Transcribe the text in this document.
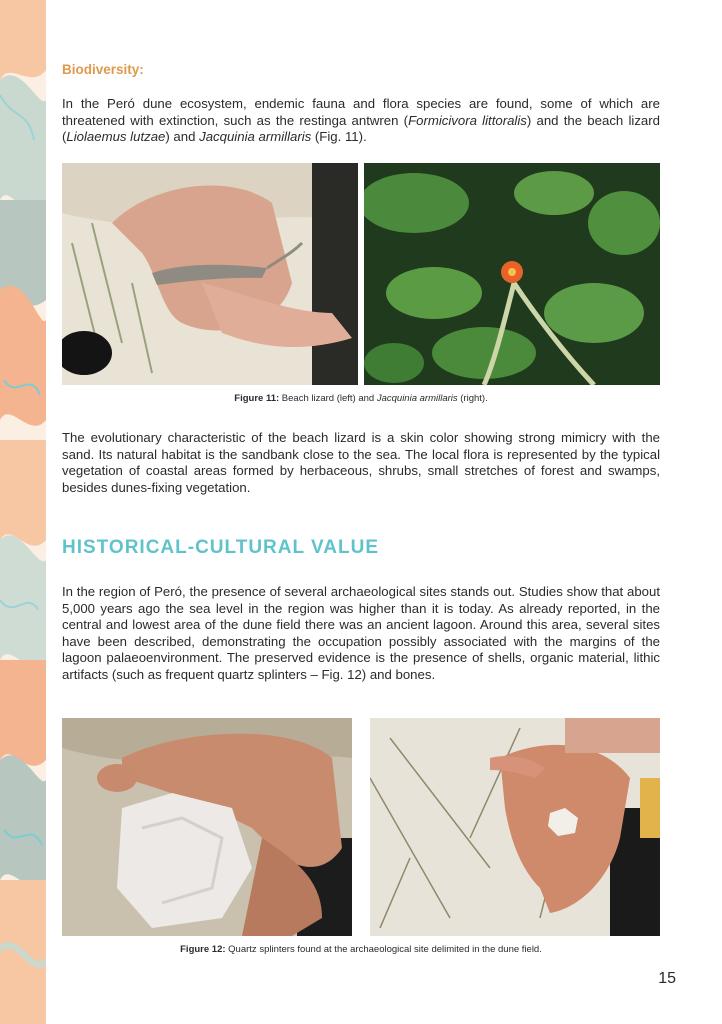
Biodiversity:
In the Peró dune ecosystem, endemic fauna and flora species are found, some of which are threatened with extinction, such as the restinga antwren (Formicivora littoralis) and the beach lizard (Liolaemus lutzae) and Jacquinia armillaris (Fig. 11).
Figure 11: Beach lizard (left) and Jacquinia armillaris (right).
The evolutionary characteristic of the beach lizard is a skin color showing strong mimicry with the sand. Its natural habitat is the sandbank close to the sea. The local flora is represented by the typical vegetation of coastal areas formed by herbaceous, shrubs, small stretches of forest and swamps, besides dunes-fixing vegetation.
HISTORICAL-CULTURAL VALUE
In the region of Peró, the presence of several archaeological sites stands out. Studies show that about 5,000 years ago the sea level in the region was higher than it is today. As already reported, in the central and lowest area of the dune field there was an ancient lagoon. Around this area, several sites have been described, demonstrating the occupation possibly associated with the margins of the lagoon palaeoenvironment. The preserved evidence is the presence of shells, organic material, lithic artifacts (such as frequent quartz splinters – Fig. 12) and bones.
Figure 12: Quartz splinters found at the archaeological site delimited in the dune field.
15
